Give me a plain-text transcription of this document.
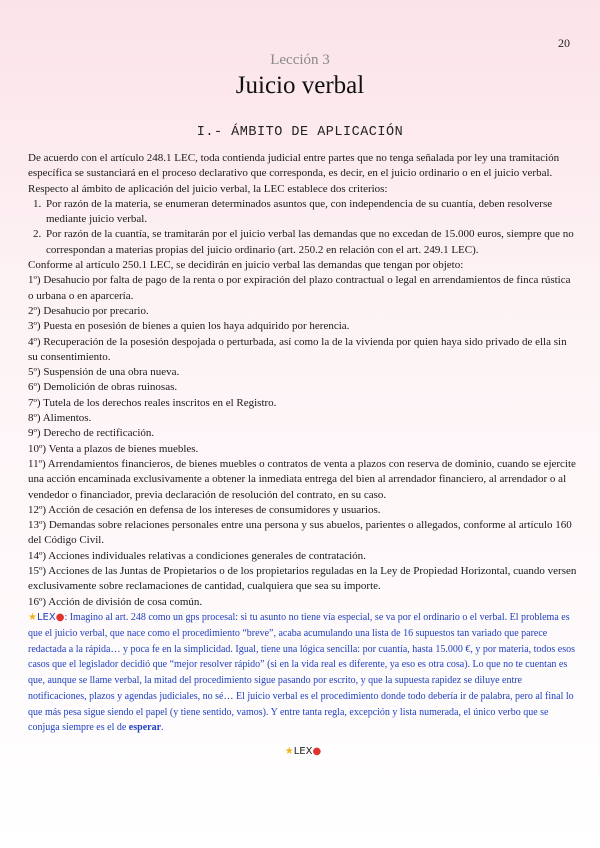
20
Lección 3
Juicio verbal
I.- ÁMBITO DE APLICACIÓN

De acuerdo con el artículo 248.1 LEC, toda contienda judicial entre partes que no tenga señalada por ley una tramitación específica se sustanciará en el proceso declarativo que corresponda, es decir, en el juicio ordinario o en el juicio verbal.

Respecto al ámbito de aplicación del juicio verbal, la LEC establece dos criterios:

1. Por razón de la materia, se enumeran determinados asuntos que, con independencia de su cuantía, deben resolverse mediante juicio verbal.
2. Por razón de la cuantía, se tramitarán por el juicio verbal las demandas que no excedan de 15.000 euros, siempre que no correspondan a materias propias del juicio ordinario (art. 250.2 en relación con el art. 249.1 LEC).

Conforme al artículo 250.1 LEC, se decidirán en juicio verbal las demandas que tengan por objeto:

1º) Desahucio por falta de pago de la renta o por expiración del plazo contractual o legal en arrendamientos de finca rústica o urbana o en aparcería.

2º) Desahucio por precario.

3º) Puesta en posesión de bienes a quien los haya adquirido por herencia.

4º) Recuperación de la posesión despojada o perturbada, así como la de la vivienda por quien haya sido privado de ella sin su consentimiento.

5º) Suspensión de una obra nueva.

6º) Demolición de obras ruinosas.

7º) Tutela de los derechos reales inscritos en el Registro.

8º) Alimentos.

9º) Derecho de rectificación.

10º) Venta a plazos de bienes muebles.

11º) Arrendamientos financieros, de bienes muebles o contratos de venta a plazos con reserva de dominio, cuando se ejercite una acción encaminada exclusivamente a obtener la inmediata entrega del bien al arrendador financiero, al arrendador o al vendedor o financiador, previa declaración de resolución del contrato, en su caso.

12º) Acción de cesación en defensa de los intereses de consumidores y usuarios.

13º) Demandas sobre relaciones personales entre una persona y sus abuelos, parientes o allegados, conforme al artículo 160 del Código Civil.

14º) Acciones individuales relativas a condiciones generales de contratación.

15º) Acciones de las Juntas de Propietarios o de los propietarios reguladas en la Ley de Propiedad Horizontal, cuando versen exclusivamente sobre reclamaciones de cantidad, cualquiera que sea su importe.

16º) Acción de división de cosa común.

★LEX●: Imagino al art. 248 como un gps procesal: si tu asunto no tiene vía especial, se va por el ordinario o el verbal. El problema es que el juicio verbal, que nace como el procedimiento “breve”, acaba acumulando una lista de 16 supuestos tan variado que parece redactada a la rápida… y poca fe en la simplicidad. Igual, tiene una lógica sencilla: por cuantía, hasta 15.000 €, y por materia, todos esos casos que el legislador decidió que “mejor resolver rápido” (si en la vida real es diferente, ya eso es otra cosa). Lo que no te cuentan es que, aunque se llame verbal, la mitad del procedimiento sigue pasando por escrito, y que la supuesta rapidez se diluye entre notificaciones, plazos y agendas judiciales, no sé… El juicio verbal es el procedimiento donde todo debería ir de palabra, pero al final lo que más pesa sigue siendo el papel (y tiene sentido, vamos). Y entre tanta regla, excepción y lista numerada, el único verbo que se conjuga siempre es el de esperar.

★LEX●
